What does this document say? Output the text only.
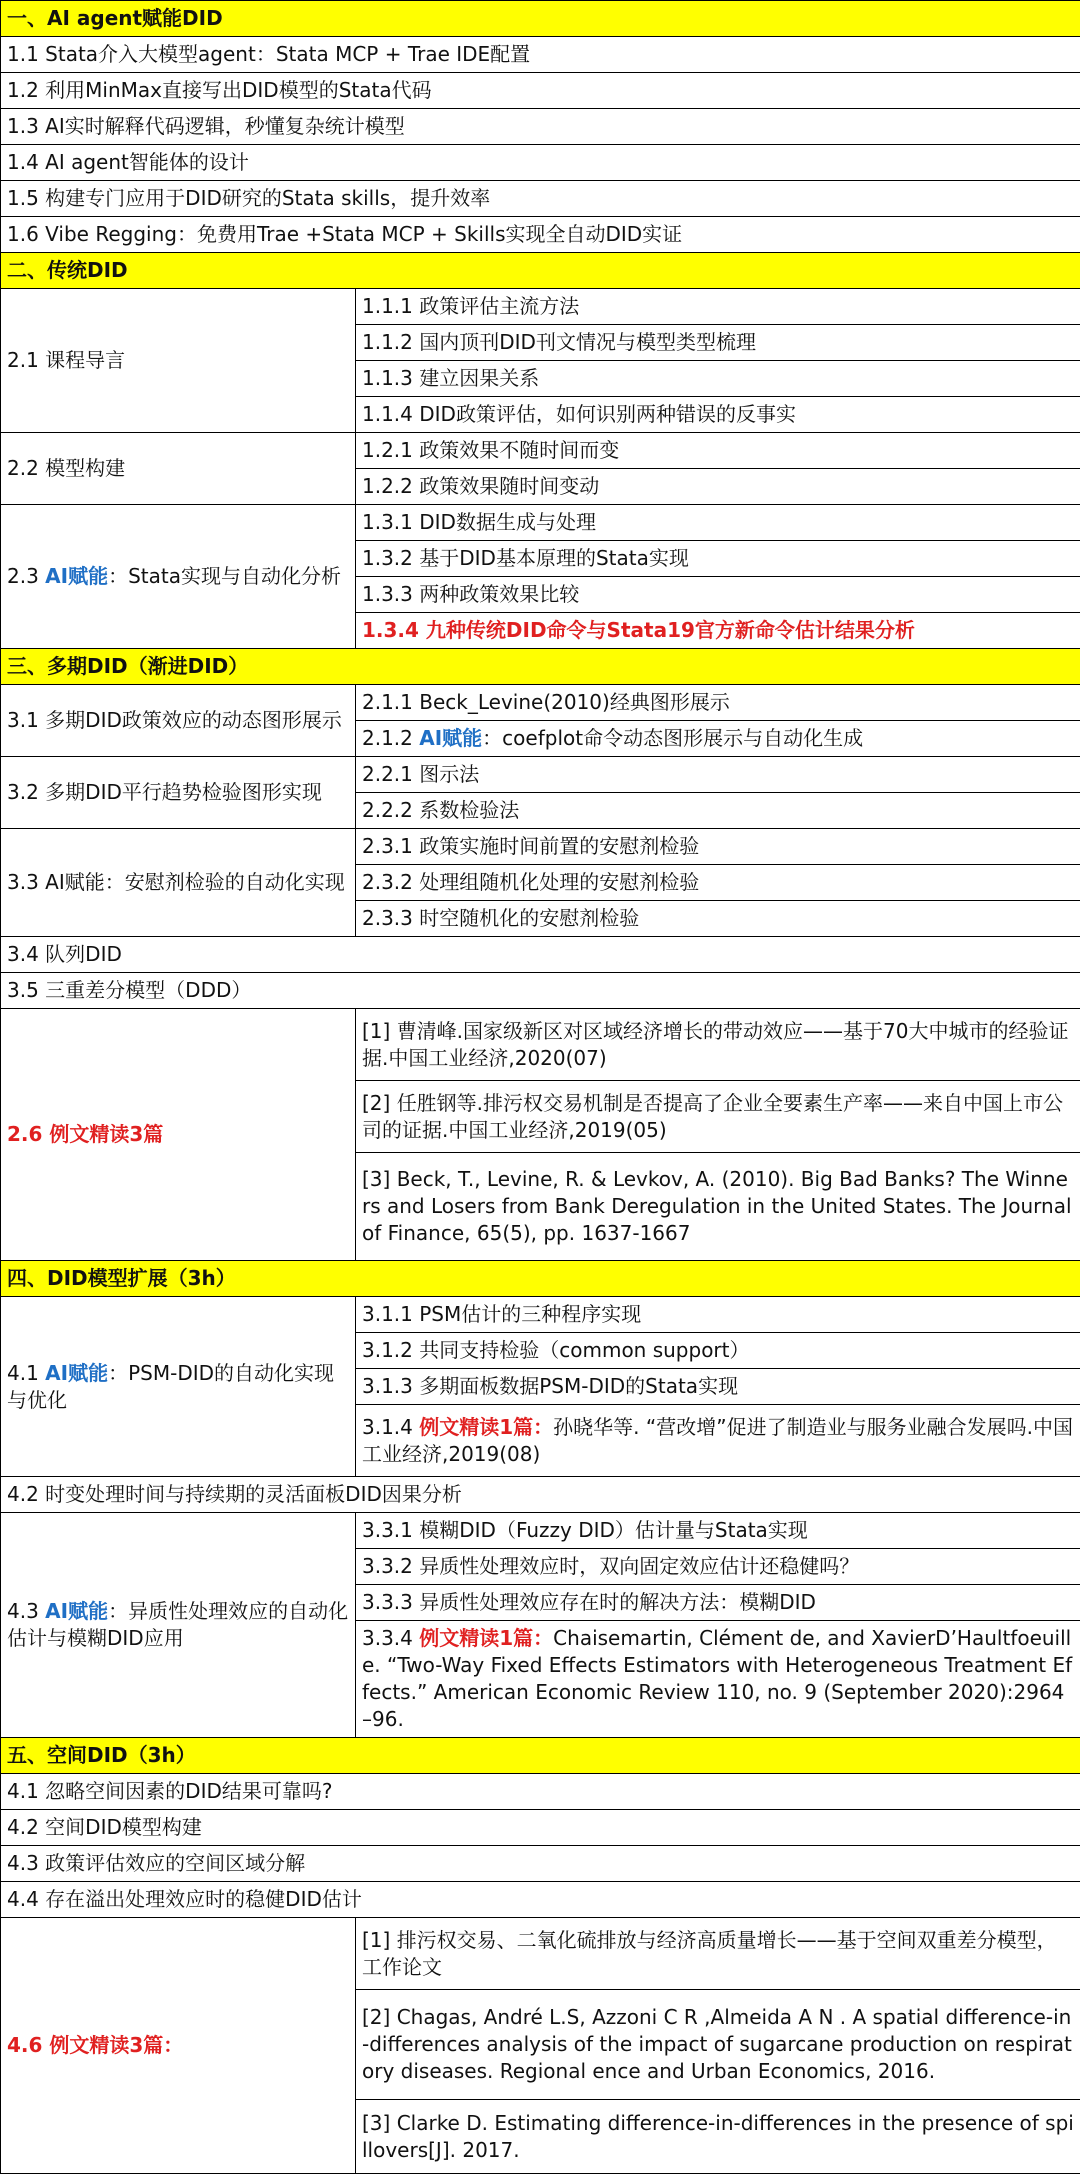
一、AI agent赋能DID	
1.1 Stata介入大模型agent：Stata MCP + Trae IDE配置	
1.2 利用MinMax直接写出DID模型的Stata代码	
1.3 AI实时解释代码逻辑，秒懂复杂统计模型	
1.4 AI agent智能体的设计	
1.5 构建专门应用于DID研究的Stata skills，提升效率	
1.6 Vibe Regging：免费用Trae +Stata MCP + Skills实现全自动DID实证	
二、传统DID	
2.1 课程导言	1.1.1 政策评估主流方法
	1.1.2 国内顶刊DID刊文情况与模型类型梳理
	1.1.3 建立因果关系
	1.1.4 DID政策评估，如何识别两种错误的反事实
2.2 模型构建	1.2.1 政策效果不随时间而变
	1.2.2 政策效果随时间变动
2.3 AI赋能：Stata实现与自动化分析	1.3.1 DID数据生成与处理
	1.3.2 基于DID基本原理的Stata实现
	1.3.3 两种政策效果比较
	1.3.4 九种传统DID命令与Stata19官方新命令估计结果分析
三、多期DID（渐进DID）	
3.1 多期DID政策效应的动态图形展示	2.1.1 Beck_Levine(2010)经典图形展示
	2.1.2 AI赋能：coefplot命令动态图形展示与自动化生成
3.2 多期DID平行趋势检验图形实现	2.2.1 图示法
	2.2.2 系数检验法
3.3 AI赋能：安慰剂检验的自动化实现	2.3.1 政策实施时间前置的安慰剂检验
	2.3.2 处理组随机化处理的安慰剂检验
	2.3.3 时空随机化的安慰剂检验
3.4 队列DID	
3.5 三重差分模型（DDD）	
2.6 例文精读3篇	[1] 曹清峰.国家级新区对区域经济增长的带动效应——基于70大中城市的经验证据.中国工业经济,2020(07)
	[2] 任胜钢等.排污权交易机制是否提高了企业全要素生产率——来自中国上市公司的证据.中国工业经济,2019(05)
	[3] Beck, T., Levine, R. & Levkov, A. (2010). Big Bad Banks? The Winners and Losers from Bank Deregulation in the United States. The Journalof Finance, 65(5), pp. 1637-1667
四、DID模型扩展（3h）	
4.1 AI赋能：PSM-DID的自动化实现与优化	3.1.1 PSM估计的三种程序实现
	3.1.2 共同支持检验（common support）
	3.1.3 多期面板数据PSM-DID的Stata实现
	3.1.4 例文精读1篇：孙晓华等. “营改增”促进了制造业与服务业融合发展吗.中国工业经济,2019(08)
4.2 时变处理时间与持续期的灵活面板DID因果分析	
4.3 AI赋能：异质性处理效应的自动化估计与模糊DID应用	3.3.1 模糊DID（Fuzzy DID）估计量与Stata实现
	3.3.2 异质性处理效应时，双向固定效应估计还稳健吗？
	3.3.3 异质性处理效应存在时的解决方法：模糊DID
	3.3.4 例文精读1篇：Chaisemartin, Clément de, and XavierD’Haultfoeuille. “Two-Way Fixed Effects Estimators with Heterogeneous Treatment Effects.” American Economic Review 110, no. 9 (September 2020):2964–96.
五、空间DID（3h）	
4.1 忽略空间因素的DID结果可靠吗?	
4.2 空间DID模型构建	
4.3 政策评估效应的空间区域分解	
4.4 存在溢出处理效应时的稳健DID估计	
4.6 例文精读3篇：	[1] 排污权交易、二氧化硫排放与经济高质量增长——基于空间双重差分模型，工作论文
	[2] Chagas, André L.S, Azzoni C R ,Almeida A N . A spatial difference-in-differences analysis of the impact of sugarcane production on respiratory diseases. Regional ence and Urban Economics, 2016.
	[3] Clarke D. Estimating difference-in-differences in the presence of spillovers[J]. 2017.
